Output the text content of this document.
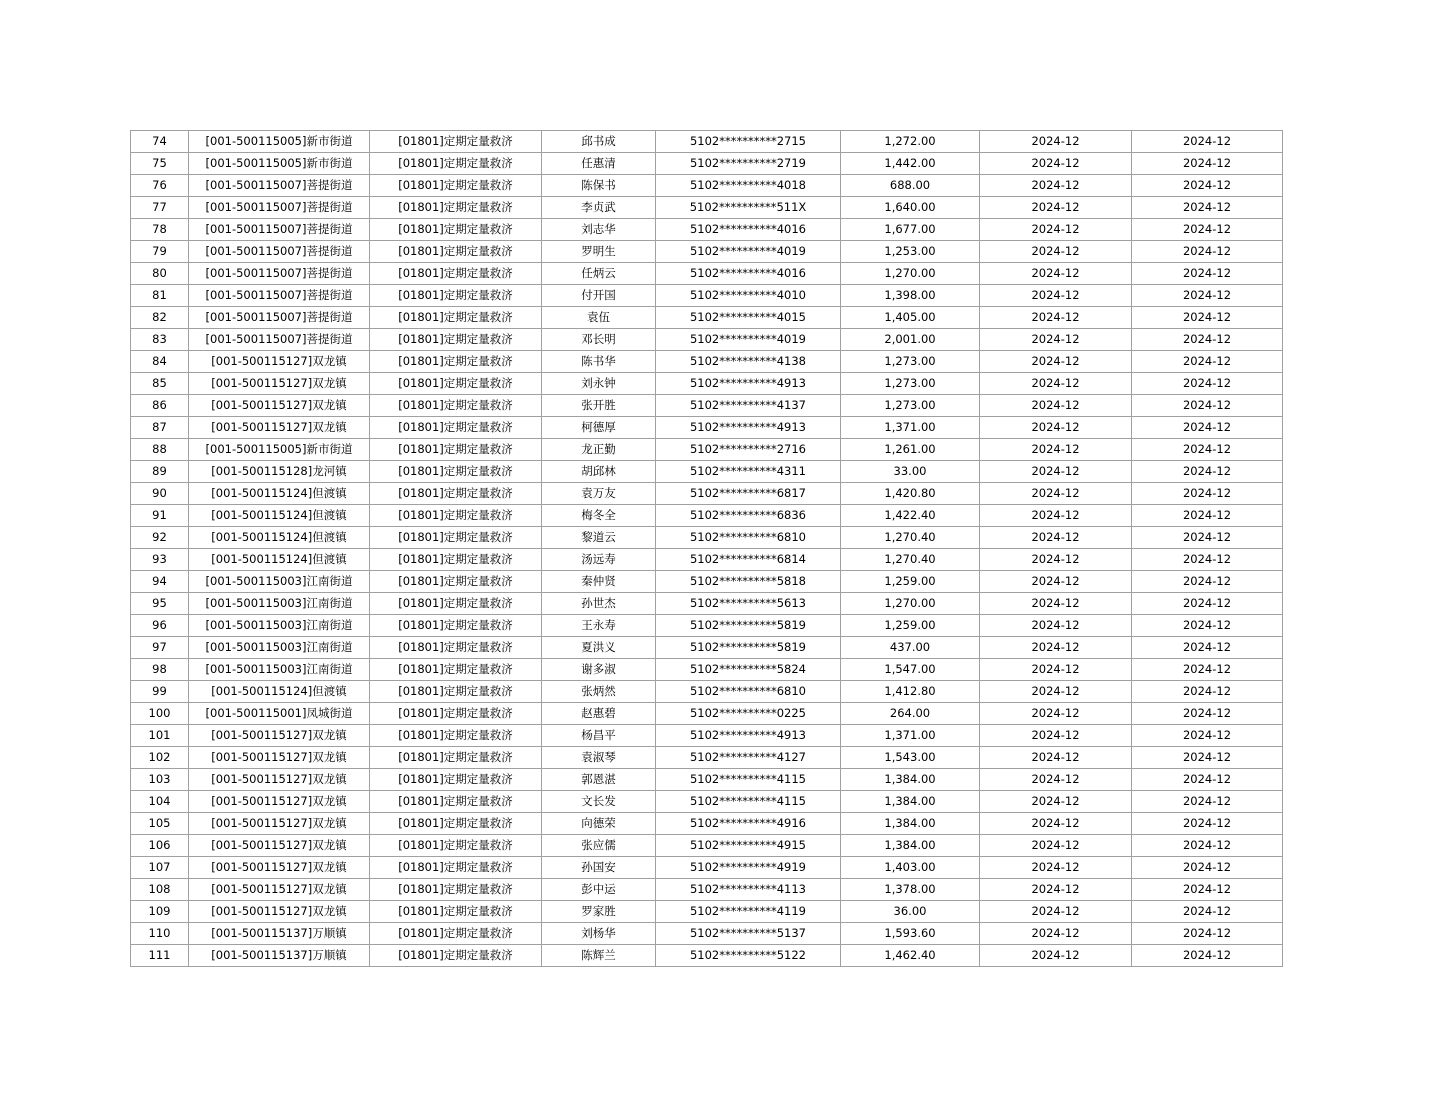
74	[001-500115005]新市街道	[01801]定期定量救济	邱书成	5102**********2715	1,272.00	2024-12	2024-12
75	[001-500115005]新市街道	[01801]定期定量救济	任惠清	5102**********2719	1,442.00	2024-12	2024-12
76	[001-500115007]菩提街道	[01801]定期定量救济	陈保书	5102**********4018	688.00	2024-12	2024-12
77	[001-500115007]菩提街道	[01801]定期定量救济	李贞武	5102**********511X	1,640.00	2024-12	2024-12
78	[001-500115007]菩提街道	[01801]定期定量救济	刘志华	5102**********4016	1,677.00	2024-12	2024-12
79	[001-500115007]菩提街道	[01801]定期定量救济	罗明生	5102**********4019	1,253.00	2024-12	2024-12
80	[001-500115007]菩提街道	[01801]定期定量救济	任炳云	5102**********4016	1,270.00	2024-12	2024-12
81	[001-500115007]菩提街道	[01801]定期定量救济	付开国	5102**********4010	1,398.00	2024-12	2024-12
82	[001-500115007]菩提街道	[01801]定期定量救济	袁伍	5102**********4015	1,405.00	2024-12	2024-12
83	[001-500115007]菩提街道	[01801]定期定量救济	邓长明	5102**********4019	2,001.00	2024-12	2024-12
84	[001-500115127]双龙镇	[01801]定期定量救济	陈书华	5102**********4138	1,273.00	2024-12	2024-12
85	[001-500115127]双龙镇	[01801]定期定量救济	刘永钟	5102**********4913	1,273.00	2024-12	2024-12
86	[001-500115127]双龙镇	[01801]定期定量救济	张开胜	5102**********4137	1,273.00	2024-12	2024-12
87	[001-500115127]双龙镇	[01801]定期定量救济	柯德厚	5102**********4913	1,371.00	2024-12	2024-12
88	[001-500115005]新市街道	[01801]定期定量救济	龙正勤	5102**********2716	1,261.00	2024-12	2024-12
89	[001-500115128]龙河镇	[01801]定期定量救济	胡邱林	5102**********4311	33.00	2024-12	2024-12
90	[001-500115124]但渡镇	[01801]定期定量救济	袁万友	5102**********6817	1,420.80	2024-12	2024-12
91	[001-500115124]但渡镇	[01801]定期定量救济	梅冬全	5102**********6836	1,422.40	2024-12	2024-12
92	[001-500115124]但渡镇	[01801]定期定量救济	黎道云	5102**********6810	1,270.40	2024-12	2024-12
93	[001-500115124]但渡镇	[01801]定期定量救济	汤远寿	5102**********6814	1,270.40	2024-12	2024-12
94	[001-500115003]江南街道	[01801]定期定量救济	秦仲贤	5102**********5818	1,259.00	2024-12	2024-12
95	[001-500115003]江南街道	[01801]定期定量救济	孙世杰	5102**********5613	1,270.00	2024-12	2024-12
96	[001-500115003]江南街道	[01801]定期定量救济	王永寿	5102**********5819	1,259.00	2024-12	2024-12
97	[001-500115003]江南街道	[01801]定期定量救济	夏洪义	5102**********5819	437.00	2024-12	2024-12
98	[001-500115003]江南街道	[01801]定期定量救济	谢多淑	5102**********5824	1,547.00	2024-12	2024-12
99	[001-500115124]但渡镇	[01801]定期定量救济	张炳然	5102**********6810	1,412.80	2024-12	2024-12
100	[001-500115001]凤城街道	[01801]定期定量救济	赵惠碧	5102**********0225	264.00	2024-12	2024-12
101	[001-500115127]双龙镇	[01801]定期定量救济	杨昌平	5102**********4913	1,371.00	2024-12	2024-12
102	[001-500115127]双龙镇	[01801]定期定量救济	袁淑琴	5102**********4127	1,543.00	2024-12	2024-12
103	[001-500115127]双龙镇	[01801]定期定量救济	郭恩湛	5102**********4115	1,384.00	2024-12	2024-12
104	[001-500115127]双龙镇	[01801]定期定量救济	文长发	5102**********4115	1,384.00	2024-12	2024-12
105	[001-500115127]双龙镇	[01801]定期定量救济	向德荣	5102**********4916	1,384.00	2024-12	2024-12
106	[001-500115127]双龙镇	[01801]定期定量救济	张应儒	5102**********4915	1,384.00	2024-12	2024-12
107	[001-500115127]双龙镇	[01801]定期定量救济	孙国安	5102**********4919	1,403.00	2024-12	2024-12
108	[001-500115127]双龙镇	[01801]定期定量救济	彭中运	5102**********4113	1,378.00	2024-12	2024-12
109	[001-500115127]双龙镇	[01801]定期定量救济	罗家胜	5102**********4119	36.00	2024-12	2024-12
110	[001-500115137]万顺镇	[01801]定期定量救济	刘杨华	5102**********5137	1,593.60	2024-12	2024-12
111	[001-500115137]万顺镇	[01801]定期定量救济	陈辉兰	5102**********5122	1,462.40	2024-12	2024-12
